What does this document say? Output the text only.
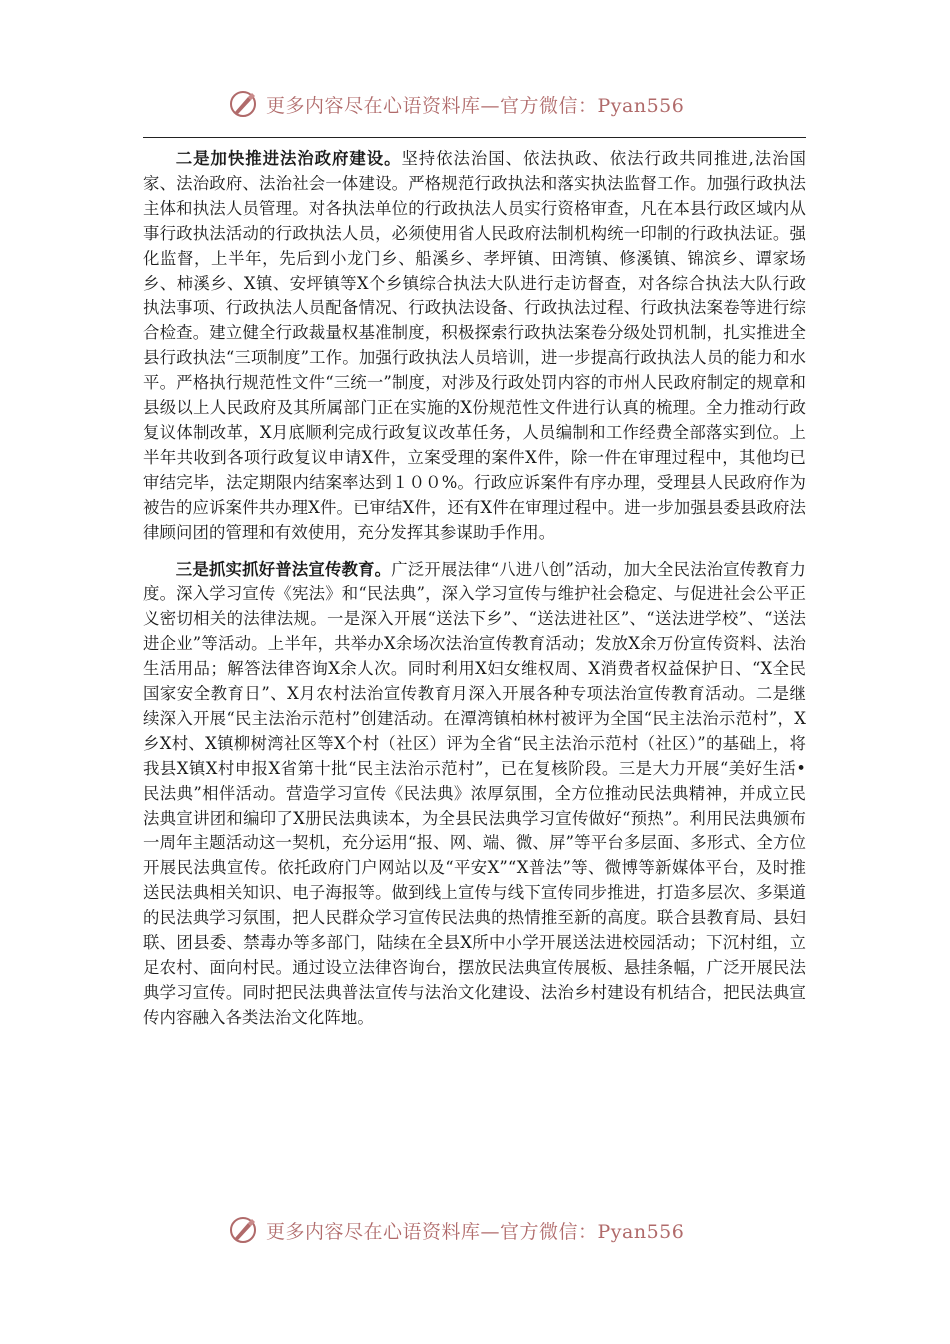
更多内容尽在心语资料库—官方微信：Pyan556

二是加快推进法治政府建设。坚持依法治国、依法执政、依法行政共同推进,法治国家、法治政府、法治社会一体建设。严格规范行政执法和落实执法监督工作。加强行政执法主体和执法人员管理。对各执法单位的行政执法人员实行资格审查，凡在本县行政区域内从事行政执法活动的行政执法人员，必须使用省人民政府法制机构统一印制的行政执法证。强化监督，上半年，先后到小龙门乡、船溪乡、孝坪镇、田湾镇、修溪镇、锦滨乡、谭家场乡、柿溪乡、X镇、安坪镇等X个乡镇综合执法大队进行走访督查，对各综合执法大队行政执法事项、行政执法人员配备情况、行政执法设备、行政执法过程、行政执法案卷等进行综合检查。建立健全行政裁量权基准制度，积极探索行政执法案卷分级处罚机制，扎实推进全县行政执法“三项制度”工作。加强行政执法人员培训，进一步提高行政执法人员的能力和水平。严格执行规范性文件“三统一”制度，对涉及行政处罚内容的市州人民政府制定的规章和县级以上人民政府及其所属部门正在实施的X份规范性文件进行认真的梳理。全力推动行政复议体制改革，X月底顺利完成行政复议改革任务，人员编制和工作经费全部落实到位。上半年共收到各项行政复议申请X件，立案受理的案件X件，除一件在审理过程中，其他均已审结完毕，法定期限内结案率达到１００%。行政应诉案件有序办理，受理县人民政府作为被告的应诉案件共办理X件。已审结X件，还有X件在审理过程中。进一步加强县委县政府法律顾问团的管理和有效使用，充分发挥其参谋助手作用。

三是抓实抓好普法宣传教育。广泛开展法律“八进八创”活动，加大全民法治宣传教育力度。深入学习宣传《宪法》和“民法典”，深入学习宣传与维护社会稳定、与促进社会公平正义密切相关的法律法规。一是深入开展“送法下乡”、“送法进社区”、“送法进学校”、“送法进企业”等活动。上半年，共举办X余场次法治宣传教育活动；发放X余万份宣传资料、法治生活用品；解答法律咨询X余人次。同时利用X妇女维权周、X消费者权益保护日、“X全民国家安全教育日”、X月农村法治宣传教育月深入开展各种专项法治宣传教育活动。二是继续深入开展“民主法治示范村”创建活动。在潭湾镇柏林村被评为全国“民主法治示范村”，X乡X村、X镇柳树湾社区等X个村（社区）评为全省“民主法治示范村（社区）”的基础上，将我县X镇X村申报X省第十批“民主法治示范村”，已在复核阶段。三是大力开展“美好生活•民法典”相伴活动。营造学习宣传《民法典》浓厚氛围，全方位推动民法典精神，并成立民法典宣讲团和编印了X册民法典读本，为全县民法典学习宣传做好“预热”。利用民法典颁布一周年主题活动这一契机，充分运用“报、网、端、微、屏”等平台多层面、多形式、全方位开展民法典宣传。依托政府门户网站以及“平安X”“X普法”等、微博等新媒体平台，及时推送民法典相关知识、电子海报等。做到线上宣传与线下宣传同步推进，打造多层次、多渠道的民法典学习氛围，把人民群众学习宣传民法典的热情推至新的高度。联合县教育局、县妇联、团县委、禁毒办等多部门，陆续在全县X所中小学开展送法进校园活动；下沉村组，立足农村、面向村民。通过设立法律咨询台，摆放民法典宣传展板、悬挂条幅，广泛开展民法典学习宣传。同时把民法典普法宣传与法治文化建设、法治乡村建设有机结合，把民法典宣传内容融入各类法治文化阵地。

更多内容尽在心语资料库—官方微信：Pyan556
